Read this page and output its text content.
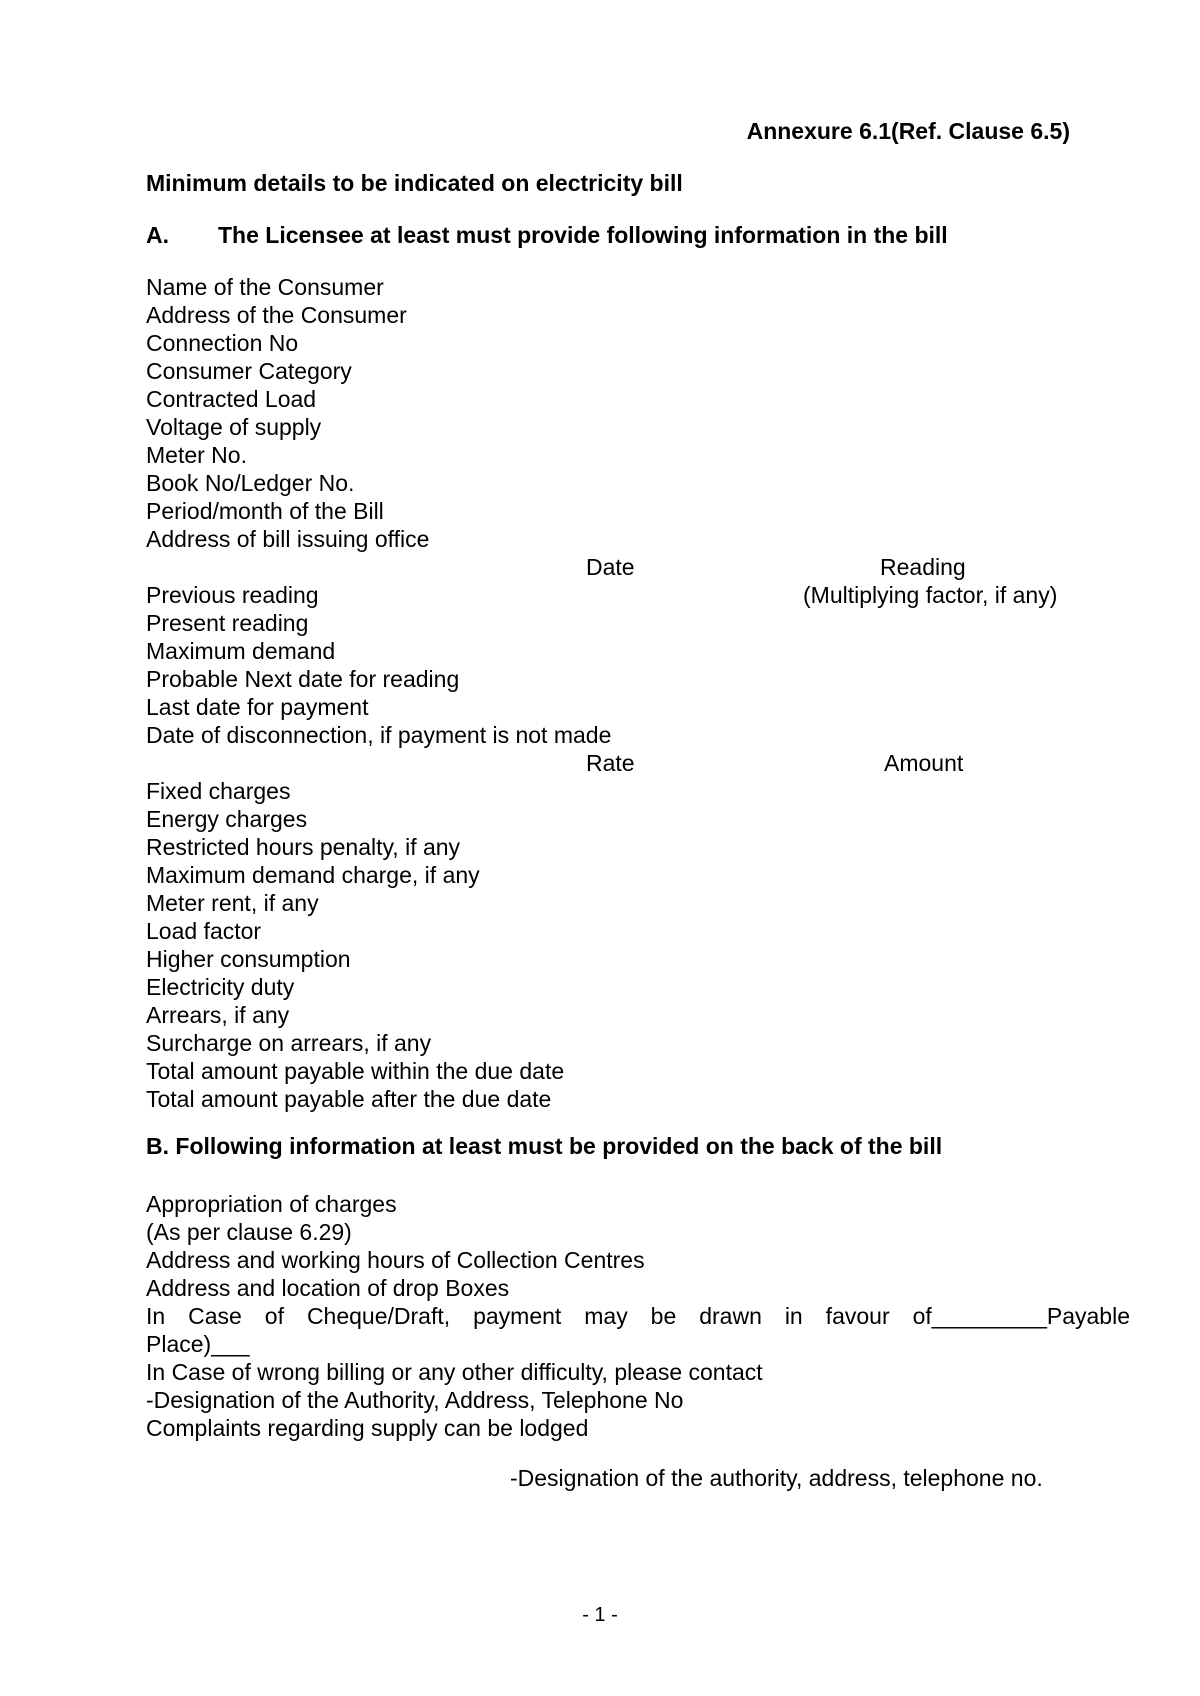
Annexure 6.1(Ref. Clause 6.5)
Minimum details to be indicated on electricity bill
A. The Licensee at least must provide following information in the bill
Name of the Consumer
Address of the Consumer
Connection No
Consumer Category
Contracted Load
Voltage of supply
Meter No.
Book No/Ledger No.
Period/month of the Bill
Address of bill issuing office
Date	Reading
Previous reading
Present reading
Maximum demand
Probable Next date for reading
Last date for payment
Date of disconnection, if payment is not made
(Multiplying factor, if any)
Rate	Amount
Fixed charges
Energy charges
Restricted hours penalty, if any
Maximum demand charge, if any
Meter rent, if any
Load factor
Higher consumption
Electricity duty
Arrears, if any
Surcharge on arrears, if any
Total amount payable within the due date
Total amount payable after the due date
B. Following information at least must be provided on the back of the bill
Appropriation of charges
(As per clause 6.29)
Address and working hours of Collection Centres
Address and location of drop Boxes
In Case of Cheque/Draft, payment may be drawn in favour of_________Payable
Place)___
In Case of wrong billing or any other difficulty, please contact
-Designation of the Authority, Address, Telephone No
Complaints regarding supply can be lodged
-Designation of the authority, address, telephone no.
- 1 -
